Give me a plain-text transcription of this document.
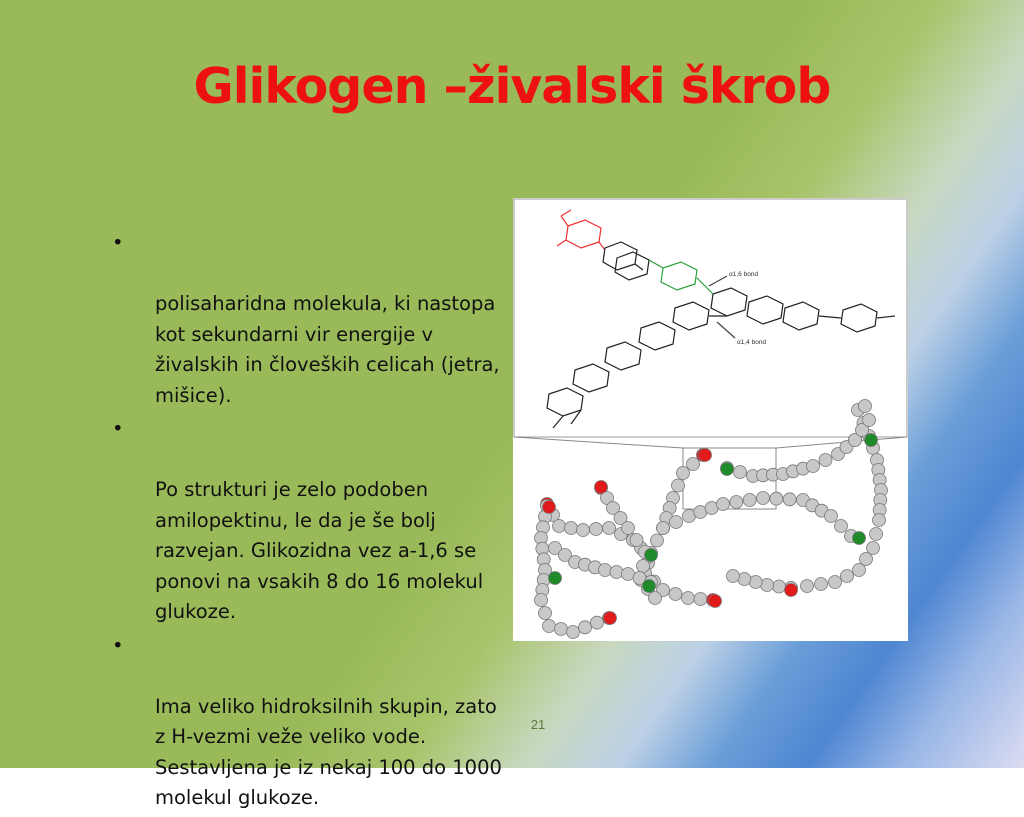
Glikogen –živalski škrob

•

polisaharidna molekula, ki nastopa
kot sekundarni vir energije v
živalskih in človeških celicah (jetra,
mišice).

•

Po strukturi je zelo podoben
amilopektinu, le da je še bolj
razvejan. Glikozidna vez a-1,6 se
ponovi na vsakih 8 do 16 molekul
glukoze.

•

Ima veliko hidroksilnih skupin, zato
z H-vezmi veže veliko vode.
Sestavljena je iz nekaj 100 do 1000
molekul glukoze.

α1,6 bond
α1,4 bond
21
